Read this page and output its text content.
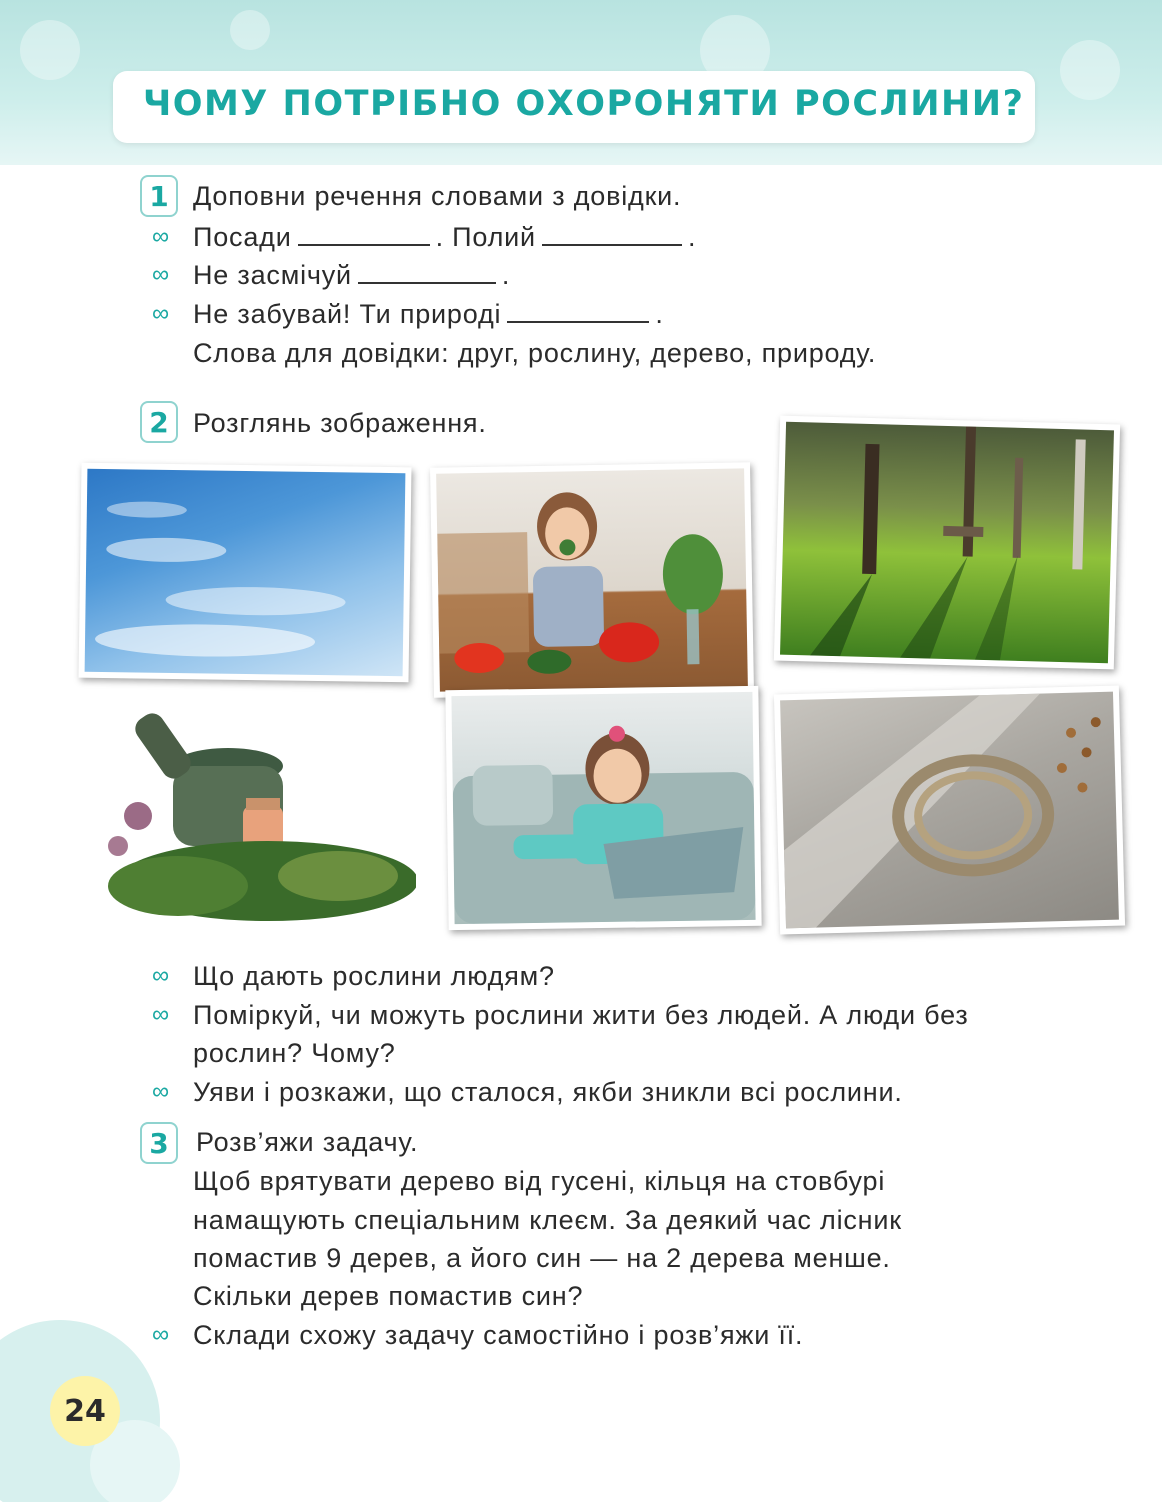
ЧОМУ ПОТРІБНО ОХОРОНЯТИ РОСЛИНИ?
1 Доповни речення словами з довідки.
∞ Посади	. Полий	.
∞ Не засмічуй	.
∞ Не забувай! Ти природі	.
Слова для довідки: друг, рослину, дерево, природу.
2 Розглянь зображення.
∞ Що дають рослини людям?
∞ Поміркуй, чи можуть рослини жити без людей. А люди без
рослин? Чому?
∞ Уяви і розкажи, що сталося, якби зникли всі рослини.
3	Розв’яжи задачу.
Щоб врятувати дерево від гусені, кільця на стовбурі
намащують спеціальним клеєм. За деякий час лісник
помастив 9 дерев, а його син — на 2 дерева менше.
Скільки дерев помастив син?
∞ Склади схожу задачу самостійно і розв’яжи її.
24
